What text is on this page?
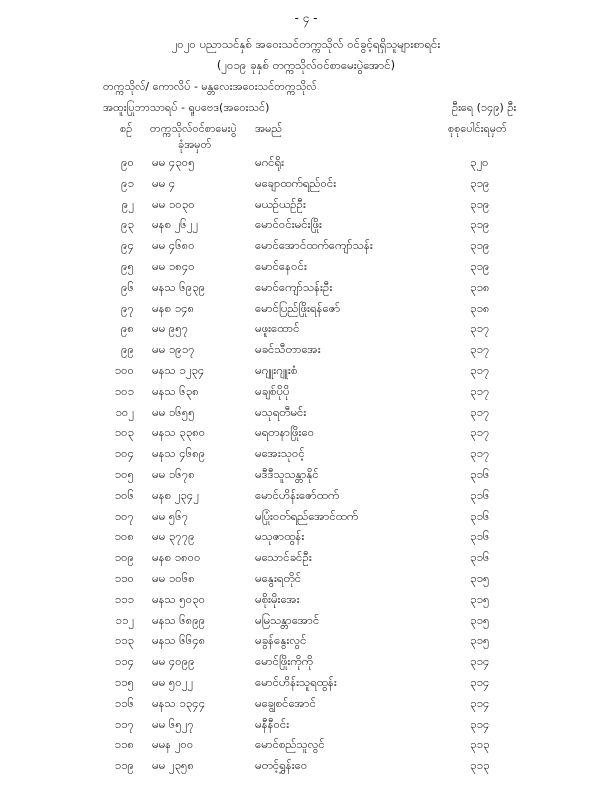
- ၄ -
၂၀၂၀ ပညာသင်နှစ် အဝေးသင်တက္ကသိုလ် ဝင်ခွင့်ရရှိသူများစာရင်း
(၂၀၁၉ ခုနှစ် တက္ကသိုလ်ဝင်စာမေးပွဲအောင်)
တက္ကသိုလ်/ ကောလိပ် - မန္တလေးအဝေးသင်တက္ကသိုလ်
အထူးပြုဘာသာရပ် - ရူပဗေဒ(အဝေးသင်)	ဦးရေ (၁၄၉) ဦး
စဉ် တက္ကသိုလ်ဝင်စာမေးပွဲ
ခုံအမှတ်
အမည်	စုစုပေါင်းရမှတ်
၉၀ မမ ၄၃၀၅	မဂင်ရိုး	၃၂၀
၉၁ မမ ၄	မချောထက်ရည်ဝင်း	၃၁၉
၉၂ မမ ၁၀၃၀	မယဉ်ယဉ်ဦး	၃၁၉
၉၃ မနစ ၂၆၂၂	မောင်ဝင်းမင်းဖြိုး	၃၁၉
၉၄ မမ ၄၆၈၀	မောင်အောင်ထက်ကျော်သန်း	၃၁၉
၉၅ မမ ၁၈၄၀	မောင်နေဝင်း	၃၁၉
၉၆ မနသ ၆၉၃၉	မောင်ကျော်သန်းဦး	၃၁၈
၉၇ မနစ ၁၄၈	မောင်ပြည်ဖြိုးရန်ဇော်	၃၁၈
၉၈ မမ ၉၅၇	မဖူးထောင်	၃၁၇
၉၉ မမ ၁၉၁၇	မခင်သီတာအေး	၃၁၇
၁၀၀ မနသ ၁၂၃၄	မဂျူးဂျူးစံ	၃၁၇
၁၀၁ မနသ ၆၃၈	မချစ်ပိုပို	၃၁၇
၁၀၂ မမ ၁၆၅၅	မသုရတီမင်း	၃၁၇
၁၀၃ မနသ ၃၃၈၀	မရတနာဖြိုးဝေ	၃၁၇
၁၀၄ မနသ ၄၆၈၉	မအေးသုဝင့်	၃၁၇
၁၀၅ မမ ၁၆၇၈	မဒီဒီသူသန္တာနိုင်	၃၁၆
၁၀၆ မနစ ၂၃၄၂	မောင်ဟိန်းဇော်ထက်	၃၁၆
၁၀၇ မမ ၅၆၇	မပြုံးဝတ်ရည်အောင်ထက်	၃၁၆
၁၀၈ မမ ၃၇၇၉	မသုဇာထွန်း	၃၁၆
၁၀၉ မနစ ၁၈၀၀	မသောင်ခင်ဦး	၃၁၆
၁၁၀ မမ ၁၀၆၈	မနွေးရတိုင်	၃၁၅
၁၁၁ မနသ ၅၀၃၀	မစိုးမိုးအေး	၃၁၅
၁၁၂ မနသ ၆၈၉၉	မမြသန္တာအောင်	၃၁၅
၁၁၃ မနသ ၆၆၄၈	မခွန်နွေးလွင်	၃၁၅
၁၁၄ မမ ၄၀၉၉	မောင်ဖြိုးကိုကို	၃၁၄
၁၁၅ မမ ၅၀၂၂	မောင်ဟိန်းသူရထွန်း	၃၁၄
၁၁၆ မနသ ၁၃၄၄	မချွေစင်အောင်	၃၁၄
၁၁၇ မမ ၆၅၂၇	မနီနီဝင်း	၃၁၄
၁၁၈ မမန ၂၀၀	မောင်စည်သူလွင်	၃၁၃
၁၁၉ မမ ၂၃၅၈	မတင့်ရွှန်းဝေ	၃၁၃
